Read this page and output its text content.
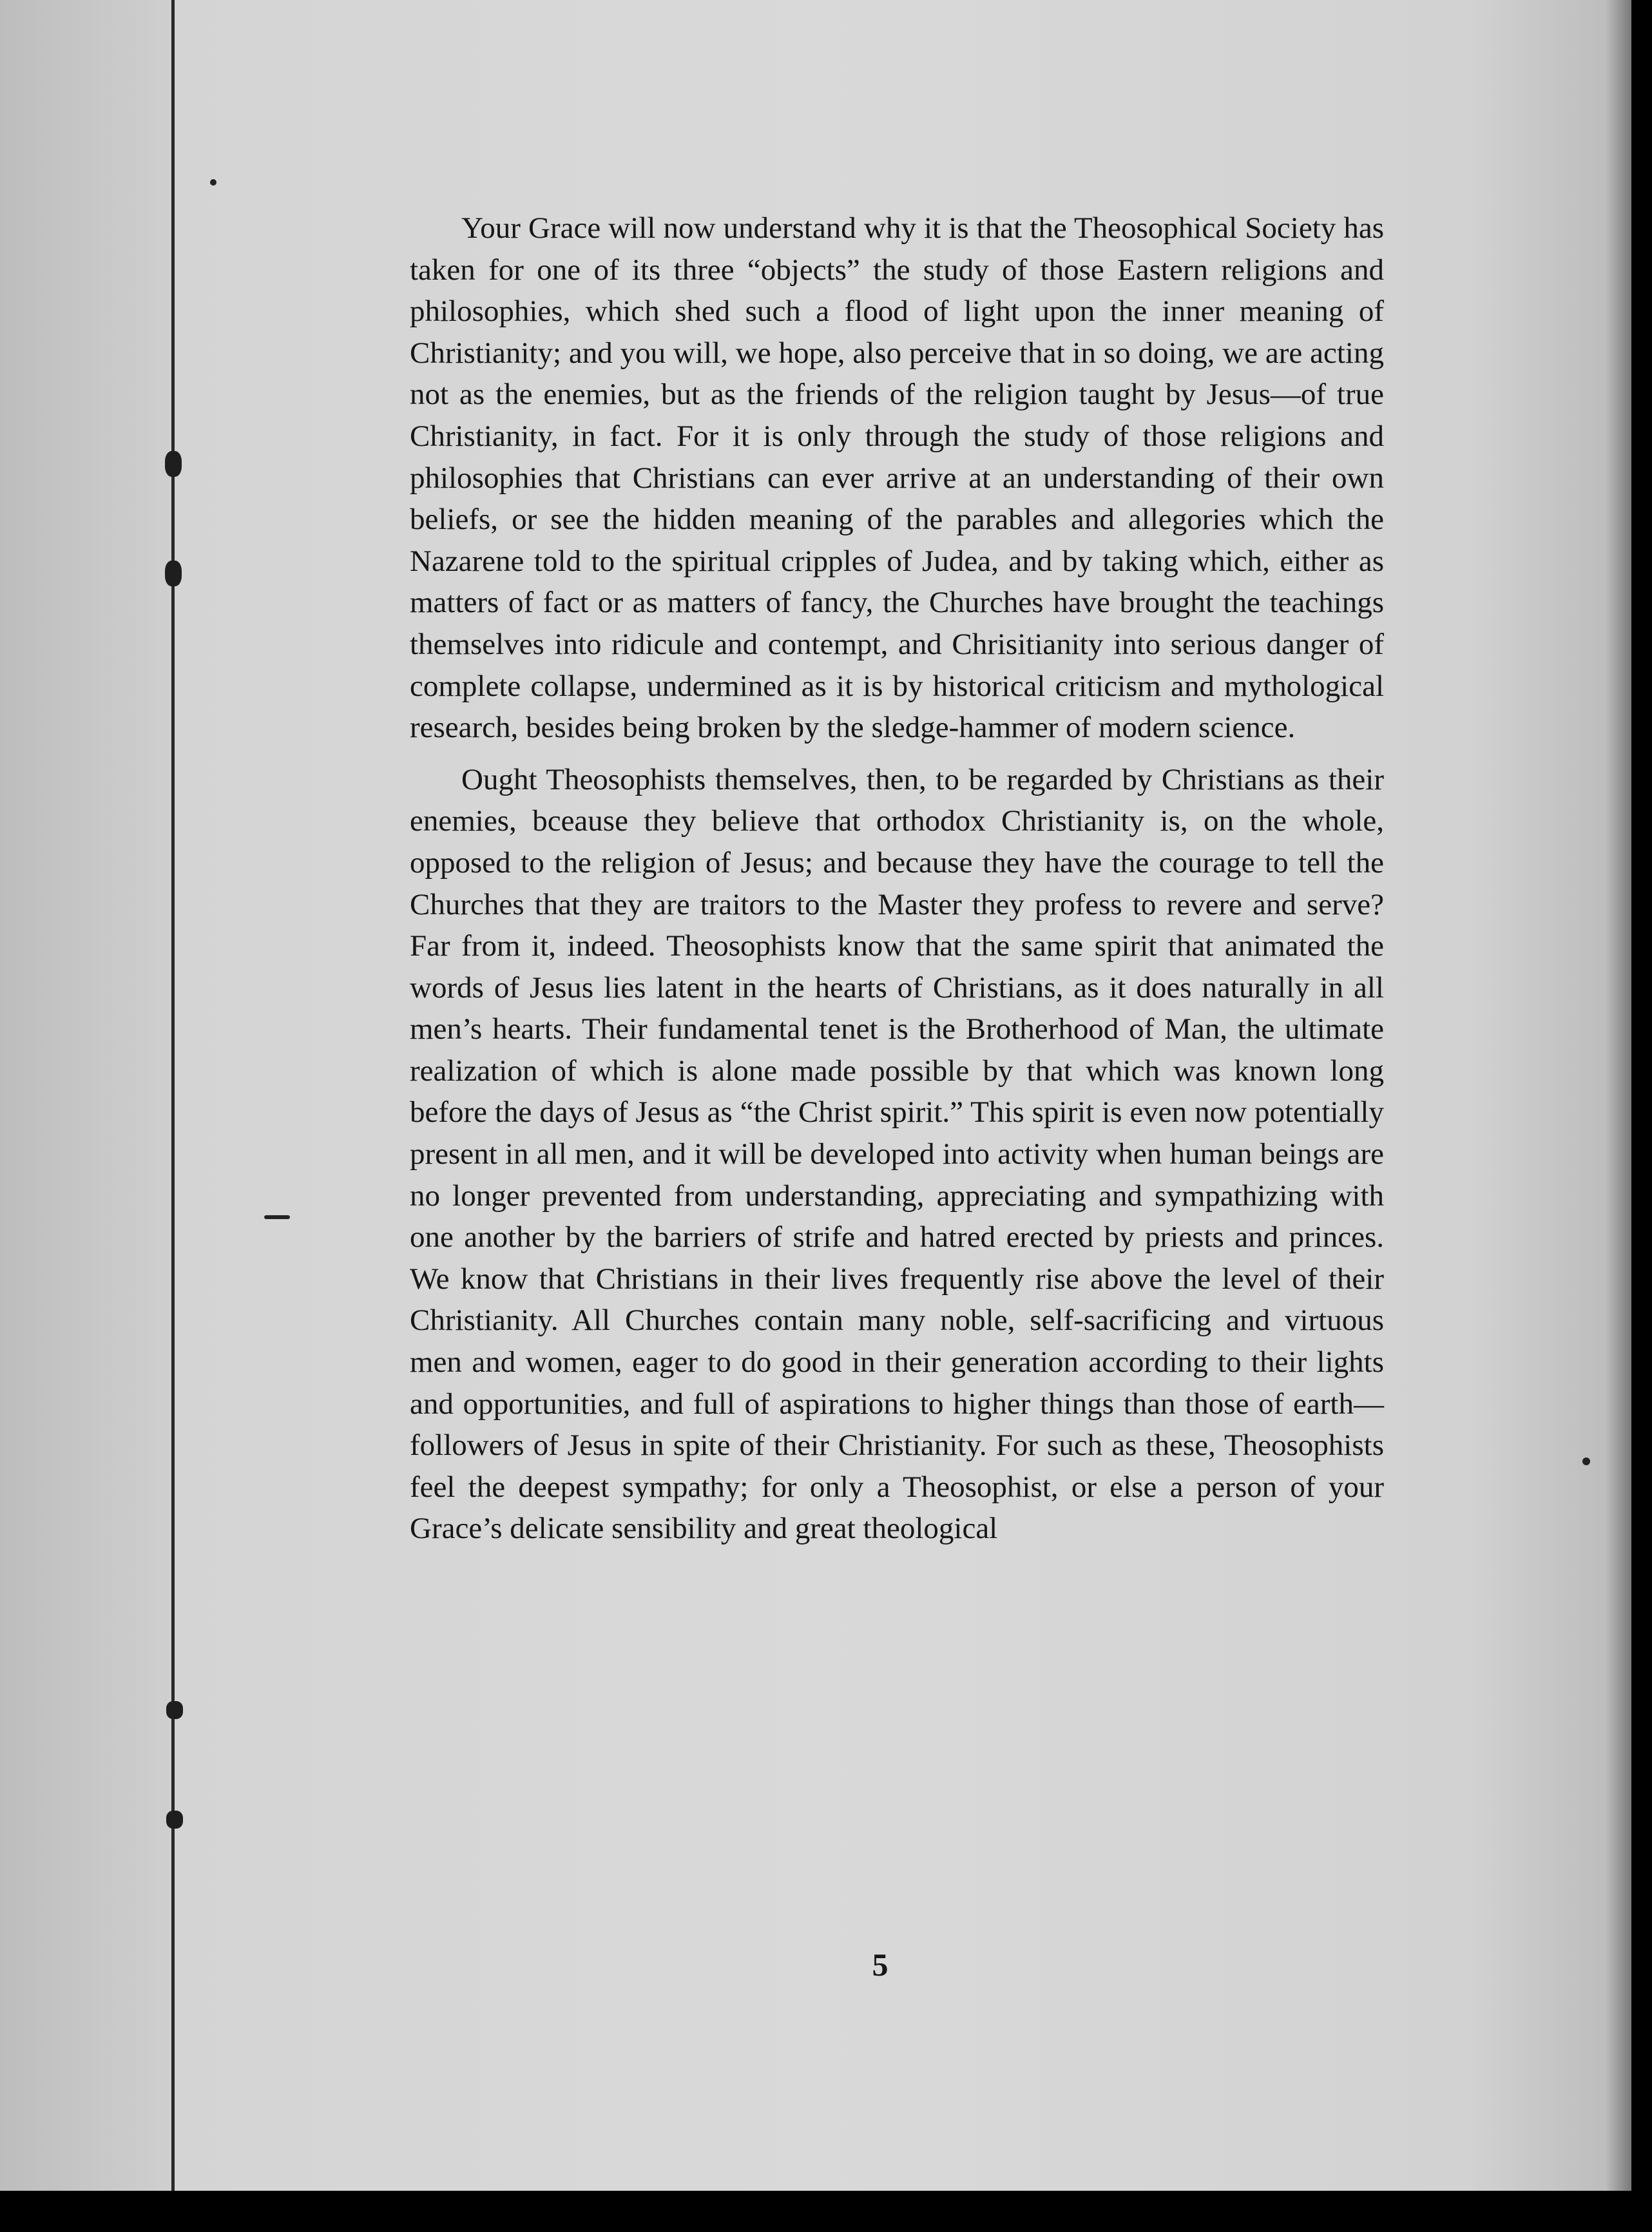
Your Grace will now understand why it is that the Theosophical Society has taken for one of its three “objects” the study of those Eastern religions and philosophies, which shed such a flood of light upon the inner meaning of Christianity; and you will, we hope, also perceive that in so doing, we are acting not as the enemies, but as the friends of the religion taught by Jesus—of true Christianity, in fact. For it is only through the study of those religions and philosophies that Christians can ever arrive at an understanding of their own beliefs, or see the hidden meaning of the parables and allegories which the Nazarene told to the spiritual cripples of Judea, and by taking which, either as matters of fact or as matters of fancy, the Churches have brought the teachings themselves into ridicule and contempt, and Chrisitianity into serious danger of complete collapse, undermined as it is by historical criticism and mythological research, besides being broken by the sledge-hammer of modern science.

Ought Theosophists themselves, then, to be regarded by Christians as their enemies, bceause they believe that orthodox Christianity is, on the whole, opposed to the religion of Jesus; and because they have the courage to tell the Churches that they are traitors to the Master they profess to revere and serve? Far from it, indeed. Theosophists know that the same spirit that animated the words of Jesus lies latent in the hearts of Christians, as it does naturally in all men’s hearts. Their fundamental tenet is the Brotherhood of Man, the ultimate realization of which is alone made possible by that which was known long before the days of Jesus as “the Christ spirit.” This spirit is even now potentially present in all men, and it will be developed into activity when human beings are no longer prevented from understanding, appreciating and sympathizing with one another by the barriers of strife and hatred erected by priests and princes. We know that Christians in their lives frequently rise above the level of their Christianity. All Churches contain many noble, self-sacrificing and virtuous men and women, eager to do good in their generation according to their lights and opportunities, and full of aspirations to higher things than those of earth—followers of Jesus in spite of their Christianity. For such as these, Theosophists feel the deepest sympathy; for only a Theosophist, or else a person of your Grace’s delicate sensibility and great theological

5
